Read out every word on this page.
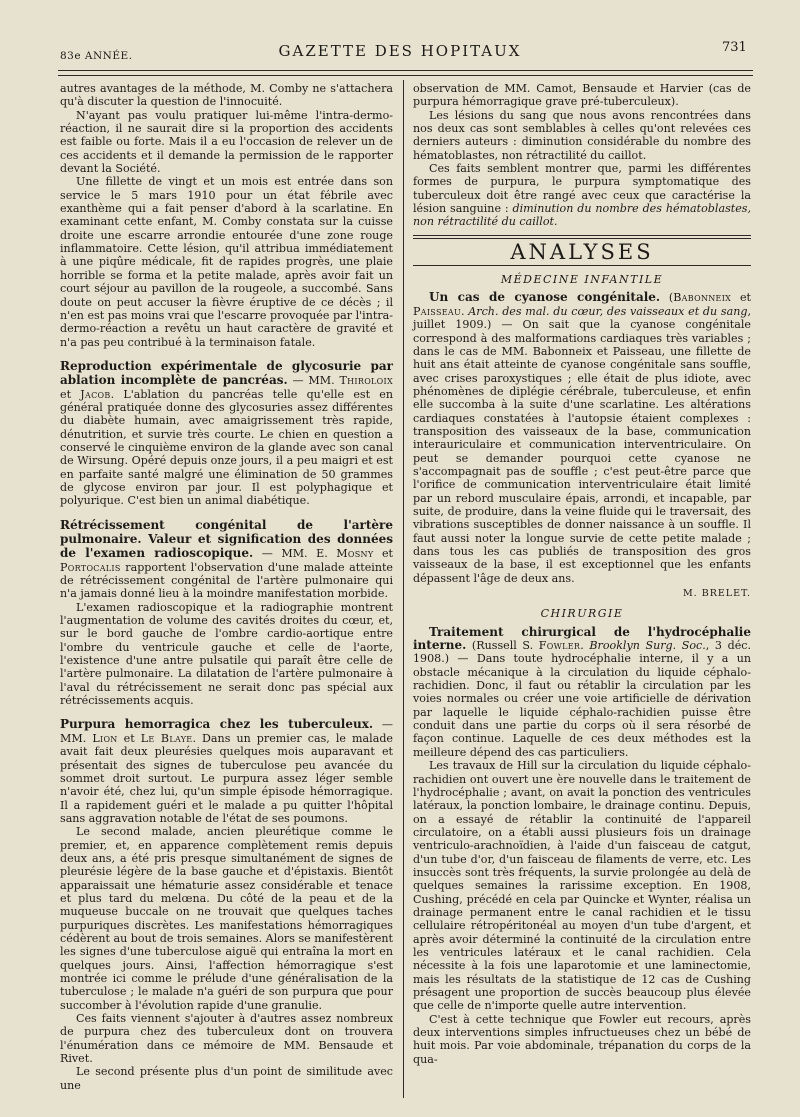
83e ANNÉE.	GAZETTE DES HOPITAUX	731

autres avantages de la méthode, M. Comby ne s'attachera qu'à discuter la question de l'innocuité.

N'ayant pas voulu pratiquer lui-même l'intra-dermo-réaction, il ne saurait dire si la proportion des accidents est faible ou forte. Mais il a eu l'occasion de relever un de ces accidents et il demande la permission de le rapporter devant la Société.

Une fillette de vingt et un mois est entrée dans son service le 5 mars 1910 pour un état fébrile avec exanthème qui a fait penser d'abord à la scarlatine. En examinant cette enfant, M. Comby constata sur la cuisse droite une escarre arrondie entourée d'une zone rouge inflammatoire. Cette lésion, qu'il attribua immédiatement à une piqûre médicale, fit de rapides progrès, une plaie horrible se forma et la petite malade, après avoir fait un court séjour au pavillon de la rougeole, a succombé. Sans doute on peut accuser la fièvre éruptive de ce décès ; il n'en est pas moins vrai que l'escarre provoquée par l'intra-dermo-réaction a revêtu un haut caractère de gravité et n'a pas peu contribué à la terminaison fatale.

Reproduction expérimentale de glycosurie par ablation incomplète de pancréas. — MM. Thiroloix et Jacob. L'ablation du pancréas telle qu'elle est en général pratiquée donne des glycosuries assez différentes du diabète humain, avec amaigrissement très rapide, dénutrition, et survie très courte. Le chien en question a conservé le cinquième environ de la glande avec son canal de Wirsung. Opéré depuis onze jours, il a peu maigri et est en parfaite santé malgré une élimination de 50 grammes de glycose environ par jour. Il est polyphagique et polyurique. C'est bien un animal diabétique.

Rétrécissement congénital de l'artère pulmonaire. Valeur et signification des données de l'examen radioscopique. — MM. E. Mosny et Portocalis rapportent l'observation d'une malade atteinte de rétrécissement congénital de l'artère pulmonaire qui n'a jamais donné lieu à la moindre manifestation morbide.

L'examen radioscopique et la radiographie montrent l'augmentation de volume des cavités droites du cœur, et, sur le bord gauche de l'ombre cardio-aortique entre l'ombre du ventricule gauche et celle de l'aorte, l'existence d'une antre pulsatile qui paraît être celle de l'artère pulmonaire. La dilatation de l'artère pulmonaire à l'aval du rétrécissement ne serait donc pas spécial aux rétrécissements acquis.

Purpura hemorragica chez les tuberculeux. — MM. Lion et Le Blaye. Dans un premier cas, le malade avait fait deux pleurésies quelques mois auparavant et présentait des signes de tuberculose peu avancée du sommet droit surtout. Le purpura assez léger semble n'avoir été, chez lui, qu'un simple épisode hémorragique. Il a rapidement guéri et le malade a pu quitter l'hôpital sans aggravation notable de l'état de ses poumons.

Le second malade, ancien pleurétique comme le premier, et, en apparence complètement remis depuis deux ans, a été pris presque simultanément de signes de pleurésie légère de la base gauche et d'épistaxis. Bientôt apparaissait une hématurie assez considérable et tenace et plus tard du melœna. Du côté de la peau et de la muqueuse buccale on ne trouvait que quelques taches purpuriques discrètes. Les manifestations hémorragiques cédèrent au bout de trois semaines. Alors se manifestèrent les signes d'une tuberculose aiguë qui entraîna la mort en quelques jours. Ainsi, l'affection hémorragique s'est montrée ici comme le prélude d'une généralisation de la tuberculose ; le malade n'a guéri de son purpura que pour succomber à l'évolution rapide d'une granulie.

Ces faits viennent s'ajouter à d'autres assez nombreux de purpura chez des tuberculeux dont on trouvera l'énumération dans ce mémoire de MM. Bensaude et Rivet.

Le second présente plus d'un point de similitude avec une

observation de MM. Camot, Bensaude et Harvier (cas de purpura hémorragique grave pré-tuberculeux).

Les lésions du sang que nous avons rencontrées dans nos deux cas sont semblables à celles qu'ont relevées ces derniers auteurs : diminution considérable du nombre des hématoblastes, non rétractilité du caillot.

Ces faits semblent montrer que, parmi les différentes formes de purpura, le purpura symptomatique des tuberculeux doit être rangé avec ceux que caractérise la lésion sanguine : diminution du nombre des hématoblastes, non rétractilité du caillot.

ANALYSES

MÉDECINE INFANTILE

Un cas de cyanose congénitale. (Babonneix et Paisseau. Arch. des mal. du cœur, des vaisseaux et du sang, juillet 1909.) — On sait que la cyanose congénitale correspond à des malformations cardiaques très variables ; dans le cas de MM. Babonneix et Paisseau, une fillette de huit ans était atteinte de cyanose congénitale sans souffle, avec crises paroxystiques ; elle était de plus idiote, avec phénomènes de diplégie cérébrale, tuberculeuse, et enfin elle succomba à la suite d'une scarlatine. Les altérations cardiaques constatées à l'autopsie étaient complexes : transposition des vaisseaux de la base, communication interauriculaire et communication interventriculaire. On peut se demander pourquoi cette cyanose ne s'accompagnait pas de souffle ; c'est peut-être parce que l'orifice de communication interventriculaire était limité par un rebord musculaire épais, arrondi, et incapable, par suite, de produire, dans la veine fluide qui le traversait, des vibrations susceptibles de donner naissance à un souffle. Il faut aussi noter la longue survie de cette petite malade ; dans tous les cas publiés de transposition des gros vaisseaux de la base, il est exceptionnel que les enfants dépassent l'âge de deux ans.

M. BRELET.

CHIRURGIE

Traitement chirurgical de l'hydrocéphalie interne. (Russell S. Fowler. Brooklyn Surg. Soc., 3 déc. 1908.) — Dans toute hydrocéphalie interne, il y a un obstacle mécanique à la circulation du liquide céphalo-rachidien. Donc, il faut ou rétablir la circulation par les voies normales ou créer une voie artificielle de dérivation par laquelle le liquide céphalo-rachidien puisse être conduit dans une partie du corps où il sera résorbé de façon continue. Laquelle de ces deux méthodes est la meilleure dépend des cas particuliers.

Les travaux de Hill sur la circulation du liquide céphalo-rachidien ont ouvert une ère nouvelle dans le traitement de l'hydrocéphalie ; avant, on avait la ponction des ventricules latéraux, la ponction lombaire, le drainage continu. Depuis, on a essayé de rétablir la continuité de l'appareil circulatoire, on a établi aussi plusieurs fois un drainage ventriculo-arachnoïdien, à l'aide d'un faisceau de catgut, d'un tube d'or, d'un faisceau de filaments de verre, etc. Les insuccès sont très fréquents, la survie prolongée au delà de quelques semaines la rarissime exception. En 1908, Cushing, précédé en cela par Quincke et Wynter, réalisa un drainage permanent entre le canal rachidien et le tissu cellulaire rétropéritonéal au moyen d'un tube d'argent, et après avoir déterminé la continuité de la circulation entre les ventricules latéraux et le canal rachidien. Cela nécessite à la fois une laparotomie et une laminectomie, mais les résultats de la statistique de 12 cas de Cushing présagent une proportion de succès beaucoup plus élevée que celle de n'importe quelle autre intervention.

C'est à cette technique que Fowler eut recours, après deux interventions simples infructueuses chez un bébé de huit mois. Par voie abdominale, trépanation du corps de la qua-
